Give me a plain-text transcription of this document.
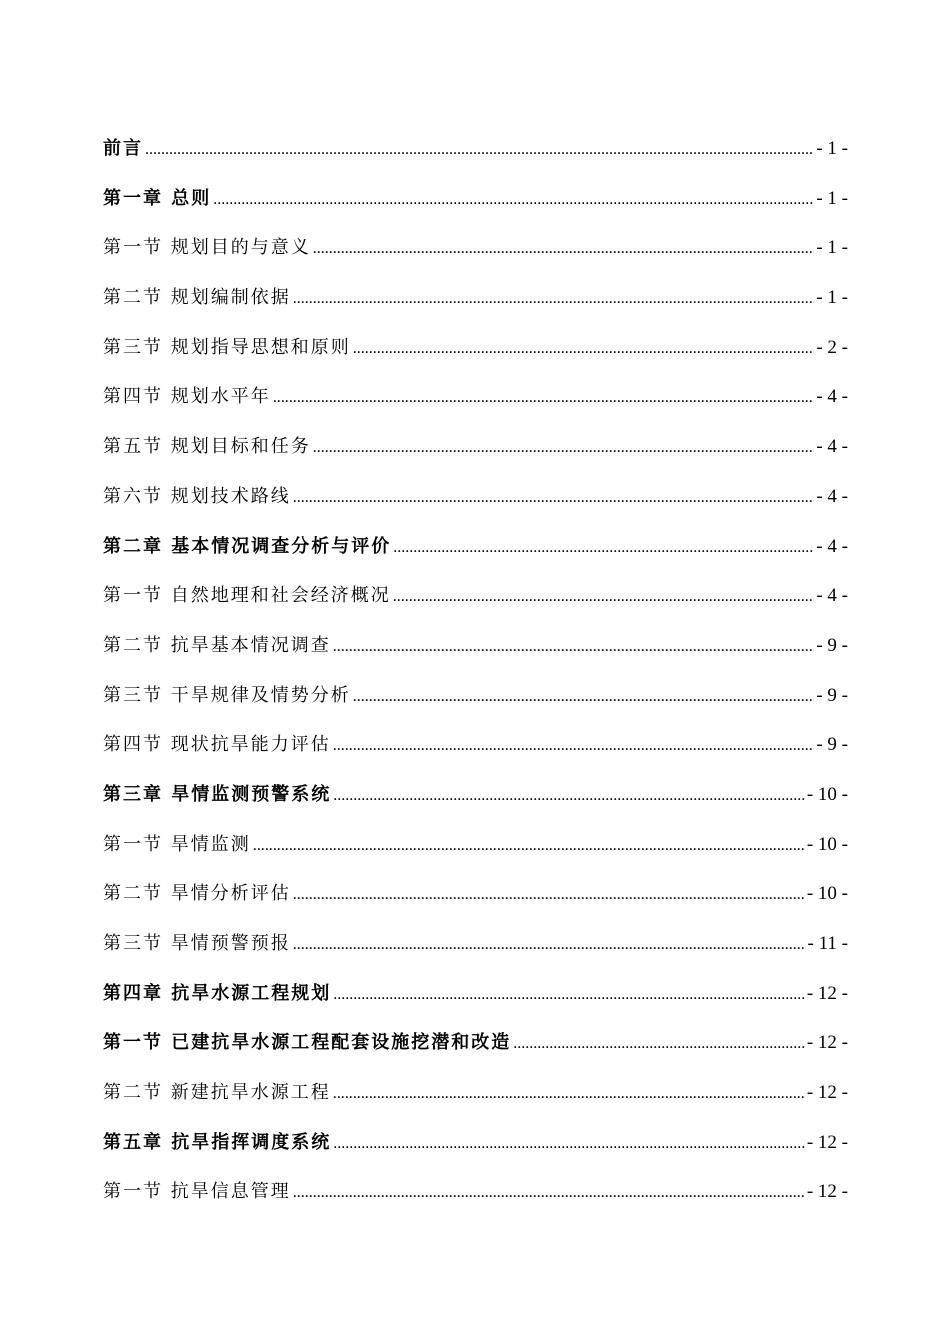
前言 .....	- 1 -
第一章 总则 .....	- 1 -
第一节 规划目的与意义 .....	- 1 -
第二节 规划编制依据 .....	- 1 -
第三节 规划指导思想和原则 .....	- 2 -
第四节 规划水平年 .....	- 4 -
第五节 规划目标和任务 .....	- 4 -
第六节 规划技术路线 .....	- 4 -
第二章 基本情况调查分析与评价 .....	- 4 -
第一节 自然地理和社会经济概况 .....	- 4 -
第二节 抗旱基本情况调查 .....	- 9 -
第三节 干旱规律及情势分析 .....	- 9 -
第四节 现状抗旱能力评估 .....	- 9 -
第三章 旱情监测预警系统 .....	- 10 -
第一节 旱情监测 .....	- 10 -
第二节 旱情分析评估 .....	- 10 -
第三节 旱情预警预报 .....	- 11 -
第四章 抗旱水源工程规划 .....	- 12 -
第一节 已建抗旱水源工程配套设施挖潜和改造 .....	- 12 -
第二节 新建抗旱水源工程 .....	- 12 -
第五章 抗旱指挥调度系统 .....	- 12 -
第一节 抗旱信息管理 .....	- 12 -
